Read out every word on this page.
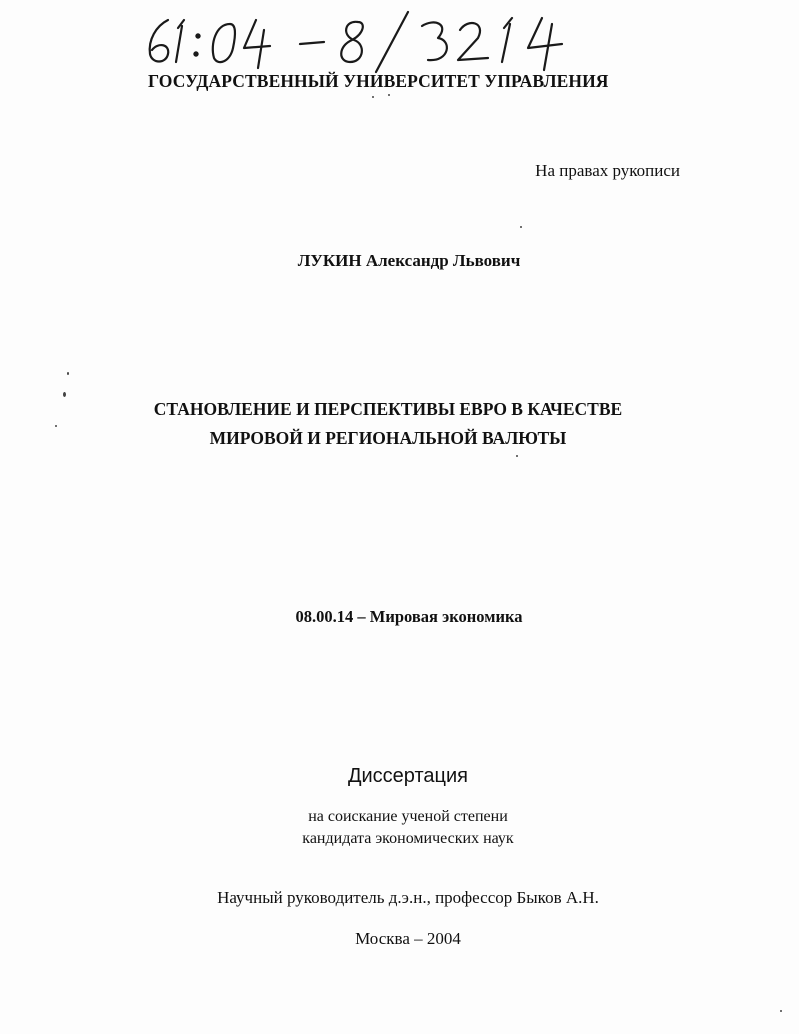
ГОСУДАРСТВЕННЫЙ УНИВЕРСИТЕТ УПРАВЛЕНИЯ
На правах рукописи
ЛУКИН Александр Львович
СТАНОВЛЕНИЕ И ПЕРСПЕКТИВЫ ЕВРО В КАЧЕСТВЕ
МИРОВОЙ И РЕГИОНАЛЬНОЙ ВАЛЮТЫ
08.00.14 – Мировая экономика
Диссертация
на соискание ученой степени
кандидата экономических наук
Научный руководитель д.э.н., профессор Быков А.Н.
Москва – 2004
